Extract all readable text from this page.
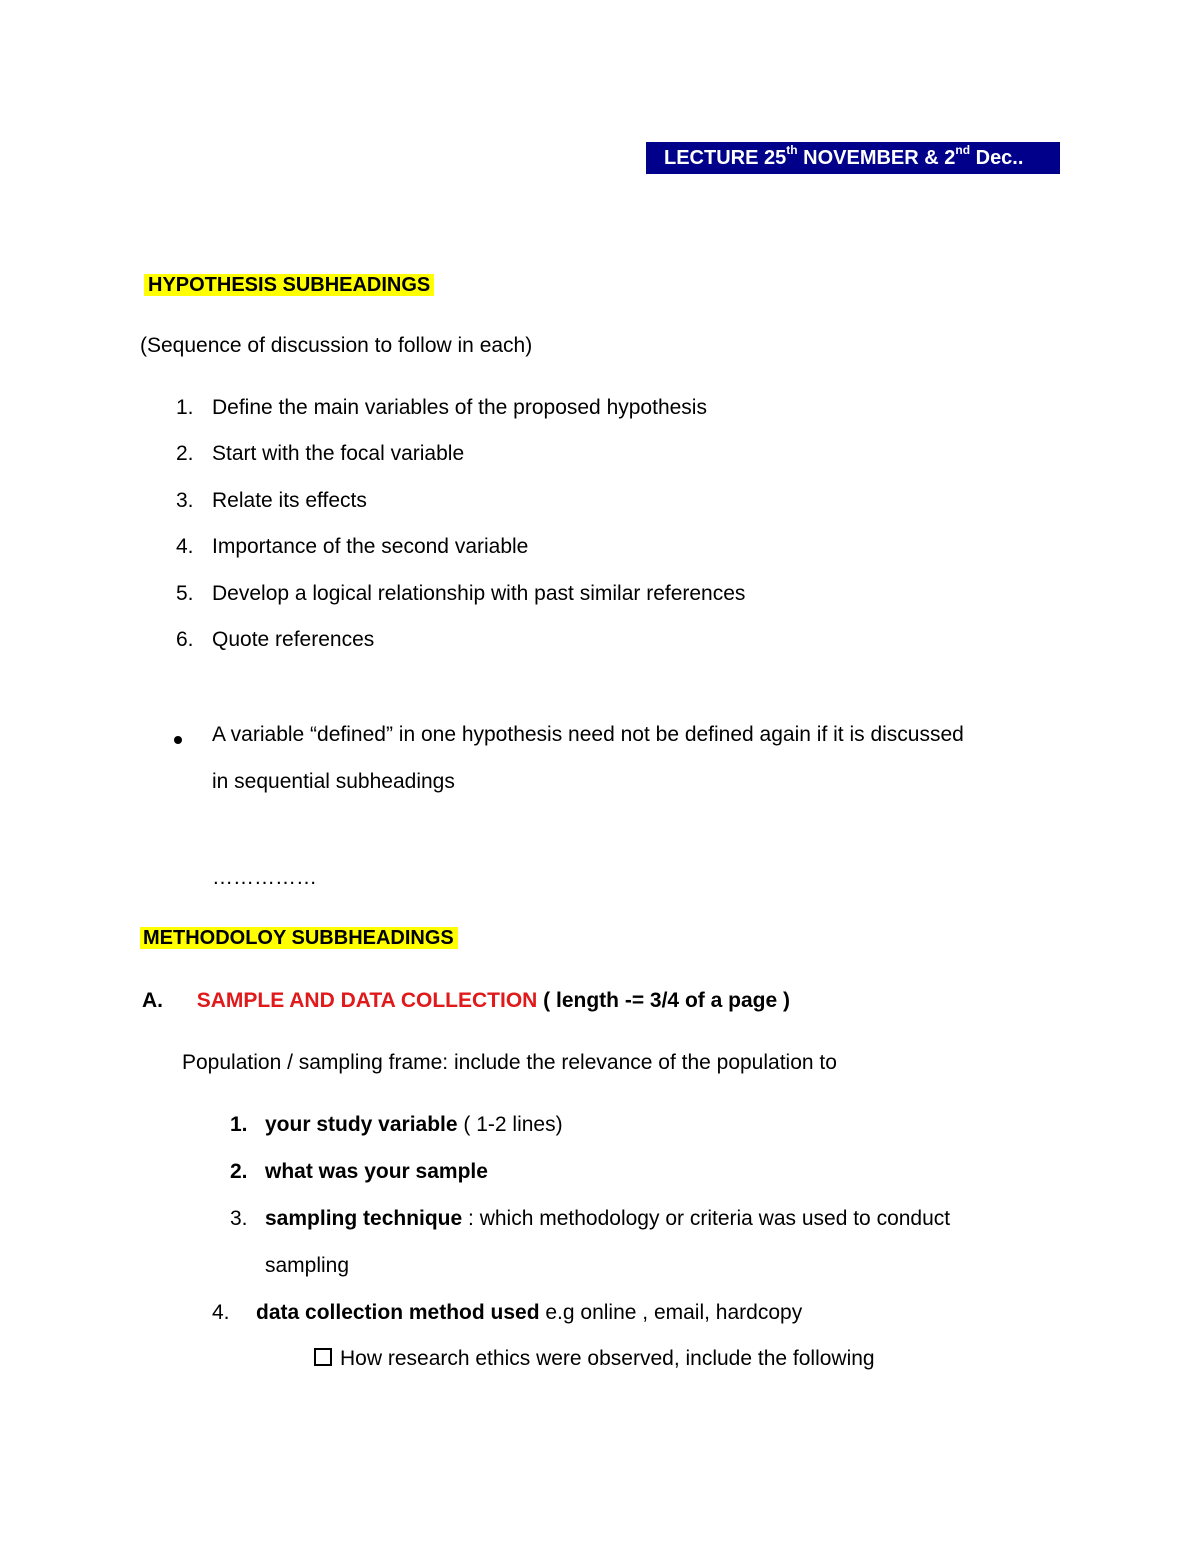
LECTURE 25th NOVEMBER & 2nd Dec..
HYPOTHESIS SUBHEADINGS
(Sequence of discussion to follow in each)
1. Define the main variables of the proposed hypothesis
2. Start with the focal variable
3. Relate its effects
4. Importance of the second variable
5. Develop a logical relationship with past similar references
6. Quote references
A variable “defined” in one hypothesis need not be defined again if it is discussed
in sequential subheadings
……………
METHODOLOY SUBBHEADINGS
A. SAMPLE AND DATA COLLECTION ( length -= 3/4 of a page )
Population / sampling frame: include the relevance of the population to
1. your study variable ( 1-2 lines)
2. what was your sample
3. sampling technique : which methodology or criteria was used to conduct
sampling
4. data collection method used e.g online , email, hardcopy
How research ethics were observed, include the following
